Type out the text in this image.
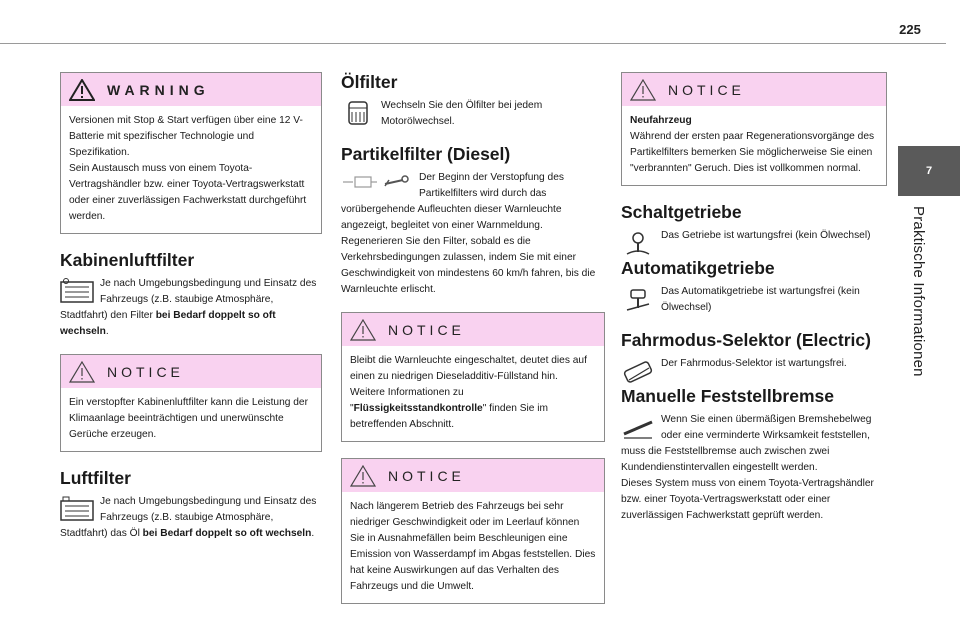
225
7
Praktische Informationen
WARNING

Versionen mit Stop & Start verfügen über eine 12 V-Batterie mit spezifischer Technologie und Spezifikation.

Sein Austausch muss von einem Toyota-Vertragshändler bzw. einer Toyota-Vertragswerkstatt oder einer zuverlässigen Fachwerkstatt durchgeführt werden.

Kabinenluftfilter

Je nach Umgebungsbedingung und Einsatz des Fahrzeugs (z.B. staubige Atmosphäre, Stadtfahrt) den Filter bei Bedarf doppelt so oft wechseln.

NOTICE

Ein verstopfter Kabinenluftfilter kann die Leistung der Klimaanlage beeinträchtigen und unerwünschte Gerüche erzeugen.

Luftfilter

Je nach Umgebungsbedingung und Einsatz des Fahrzeugs (z.B. staubige Atmosphäre, Stadtfahrt) das Öl bei Bedarf doppelt so oft wechseln.

Ölfilter

Wechseln Sie den Ölfilter bei jedem Motorölwechsel.

Partikelfilter (Diesel)

Der Beginn der Verstopfung des Partikelfilters wird durch das vorübergehende Aufleuchten dieser Warnleuchte angezeigt, begleitet von einer Warnmeldung.

Regenerieren Sie den Filter, sobald es die Verkehrsbedingungen zulassen, indem Sie mit einer Geschwindigkeit von mindestens 60 km/h fahren, bis die Warnleuchte erlischt.

NOTICE

Bleibt die Warnleuchte eingeschaltet, deutet dies auf einen zu niedrigen Dieseladditiv-Füllstand hin.

Weitere Informationen zu "Flüssigkeitsstandkontrolle" finden Sie im betreffenden Abschnitt.

NOTICE

Nach längerem Betrieb des Fahrzeugs bei sehr niedriger Geschwindigkeit oder im Leerlauf können Sie in Ausnahmefällen beim Beschleunigen eine Emission von Wasserdampf im Abgas feststellen. Dies hat keine Auswirkungen auf das Verhalten des Fahrzeugs und die Umwelt.

NOTICE

Neufahrzeug

Während der ersten paar Regenerationsvorgänge des Partikelfilters bemerken Sie möglicherweise Sie einen "verbrannten" Geruch. Dies ist vollkommen normal.

Schaltgetriebe

Das Getriebe ist wartungsfrei (kein Ölwechsel)

Automatikgetriebe

Das Automatikgetriebe ist wartungsfrei (kein Ölwechsel)

Fahrmodus-Selektor (Electric)

Der Fahrmodus-Selektor ist wartungsfrei.

Manuelle Feststellbremse

Wenn Sie einen übermäßigen Bremshebelweg oder eine verminderte Wirksamkeit feststellen, muss die Feststellbremse auch zwischen zwei Kundendienstintervallen eingestellt werden.

Dieses System muss von einem Toyota-Vertragshändler bzw. einer Toyota-Vertragswerkstatt oder einer zuverlässigen Fachwerkstatt geprüft werden.
